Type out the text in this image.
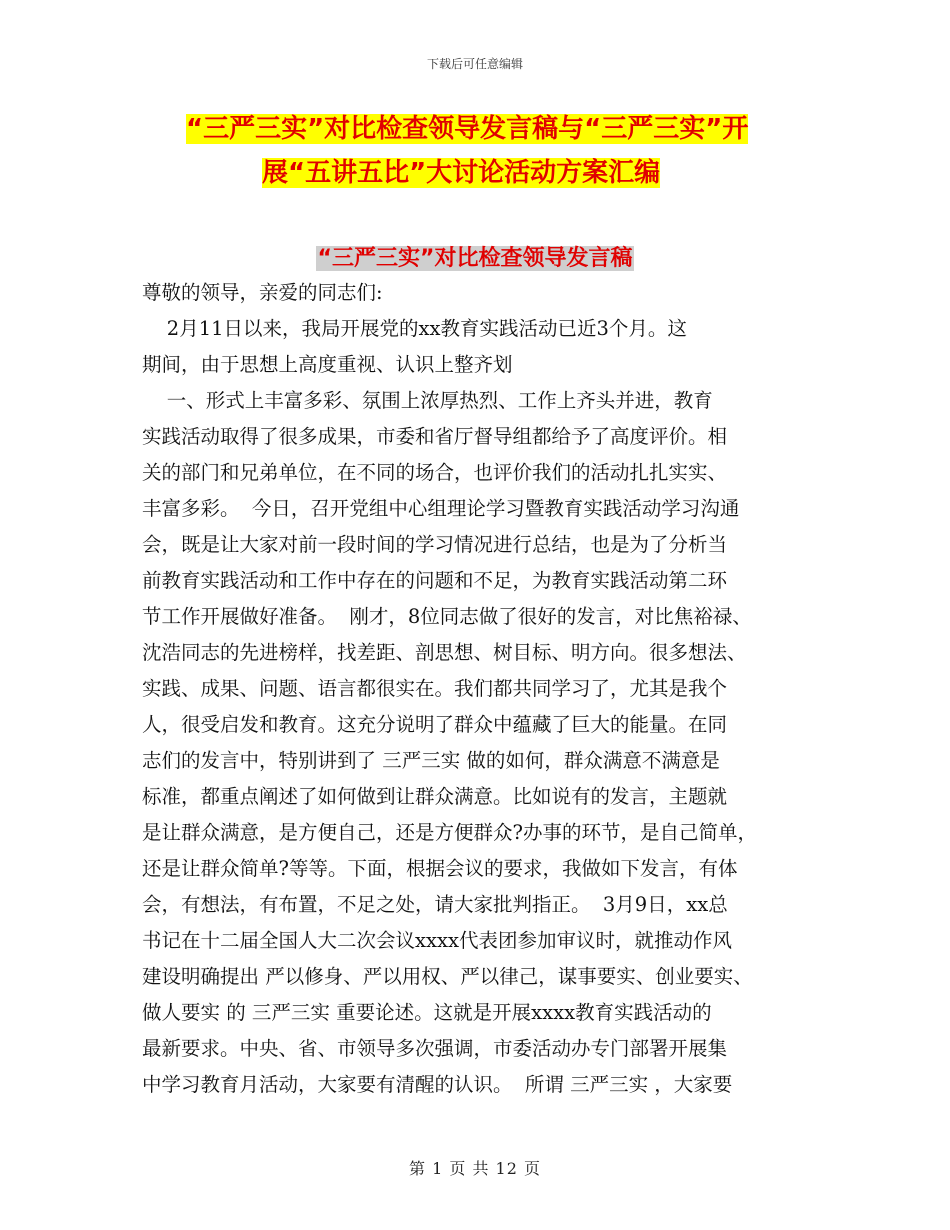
下载后可任意编辑
“三严三实”对比检查领导发言稿与“三严三实”开
展“五讲五比”大讨论活动方案汇编
“三严三实”对比检查领导发言稿
尊敬的领导，亲爱的同志们:
2月11日以来，我局开展党的xx教育实践活动已近3个月。这
期间，由于思想上高度重视、认识上整齐划
一、形式上丰富多彩、氛围上浓厚热烈、工作上齐头并进，教育
实践活动取得了很多成果，市委和省厅督导组都给予了高度评价。相
关的部门和兄弟单位，在不同的场合，也评价我们的活动扎扎实实、
丰富多彩。  今日，召开党组中心组理论学习暨教育实践活动学习沟通
会，既是让大家对前一段时间的学习情况进行总结，也是为了分析当
前教育实践活动和工作中存在的问题和不足，为教育实践活动第二环
节工作开展做好准备。  刚才，8位同志做了很好的发言，对比焦裕禄、
沈浩同志的先进榜样，找差距、剖思想、树目标、明方向。很多想法、
实践、成果、问题、语言都很实在。我们都共同学习了，尤其是我个
人，很受启发和教育。这充分说明了群众中蕴藏了巨大的能量。在同
志们的发言中，特别讲到了 三严三实 做的如何，群众满意不满意是
标准，都重点阐述了如何做到让群众满意。比如说有的发言，主题就
是让群众满意，是方便自己，还是方便群众?办事的环节，是自己简单，
还是让群众简单?等等。下面，根据会议的要求，我做如下发言，有体
会，有想法，有布置，不足之处，请大家批判指正。  3月9日，xx总
书记在十二届全国人大二次会议xxxx代表团参加审议时，就推动作风
建设明确提出 严以修身、严以用权、严以律己，谋事要实、创业要实、
做人要实 的 三严三实 重要论述。这就是开展xxxx教育实践活动的
最新要求。中央、省、市领导多次强调，市委活动办专门部署开展集
中学习教育月活动，大家要有清醒的认识。  所谓 三严三实 ，大家要
第 1 页 共 12 页
